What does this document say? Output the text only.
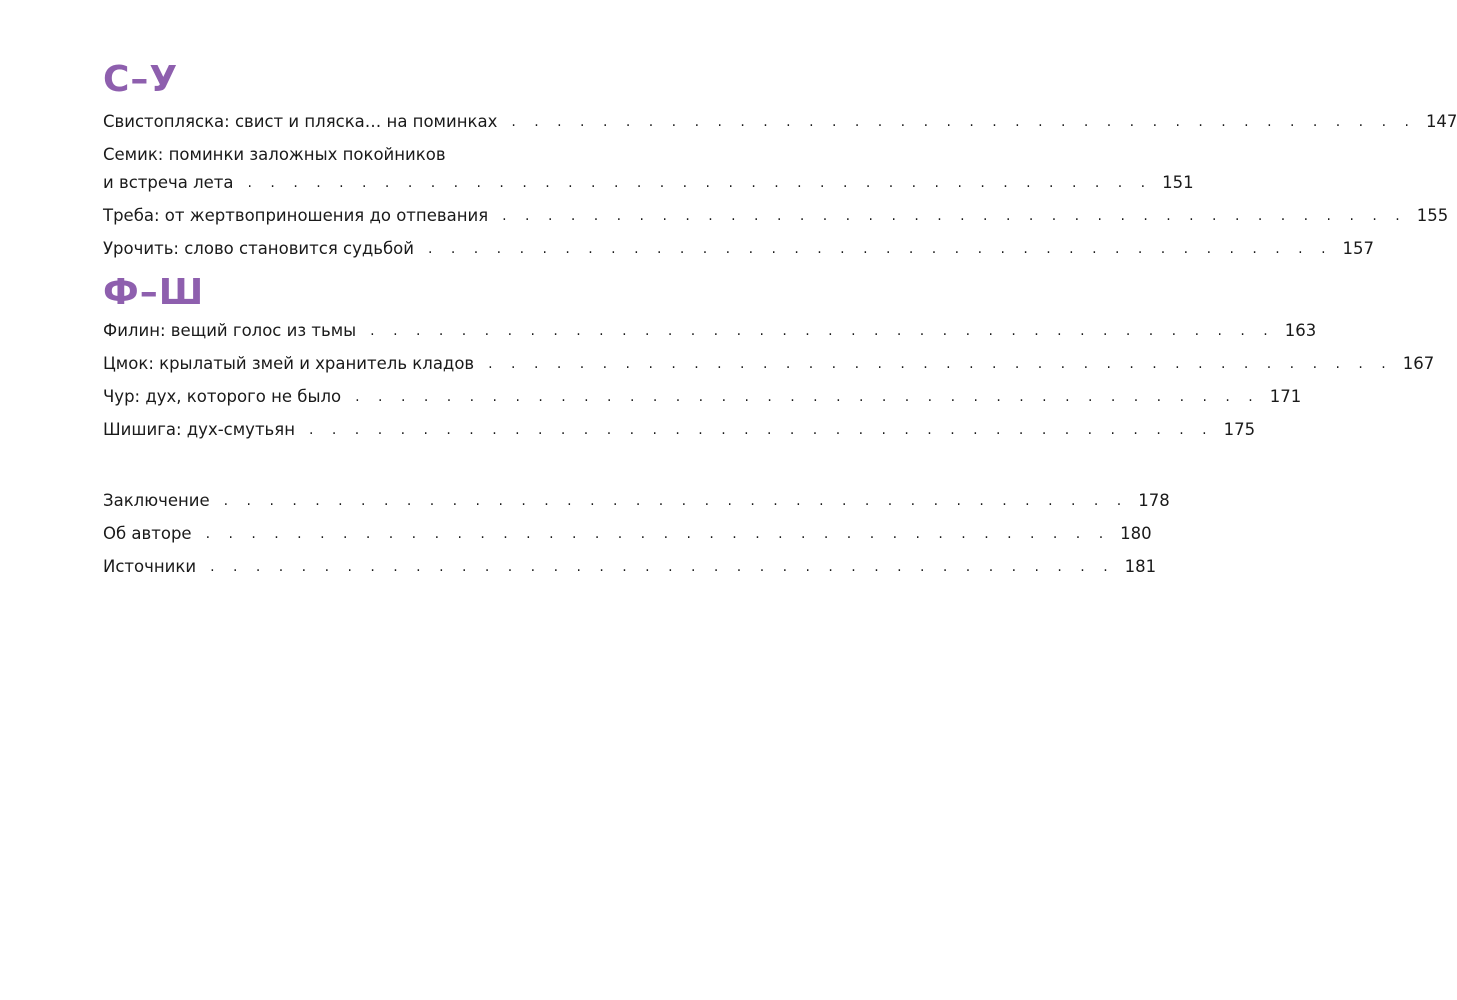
С–У
Свистопляска: свист и пляска… на поминках . . . . . . . . . . . . . . . . . . . . . . . . . . . . . . . . . . . . . . . . 147
Семик: поминки заложных покойников
и встреча лета . . . . . . . . . . . . . . . . . . . . . . . . . . . . . . . . . . . . . . . . 151
Треба: от жертвоприношения до отпевания . . . . . . . . . . . . . . . . . . . . . . . . . . . . . . . . . . . . . . . . 155
Урочить: слово становится судьбой . . . . . . . . . . . . . . . . . . . . . . . . . . . . . . . . . . . . . . . . 157
Ф–Ш
Филин: вещий голос из тьмы . . . . . . . . . . . . . . . . . . . . . . . . . . . . . . . . . . . . . . . . 163
Цмок: крылатый змей и хранитель кладов . . . . . . . . . . . . . . . . . . . . . . . . . . . . . . . . . . . . . . . . 167
Чур: дух, которого не было . . . . . . . . . . . . . . . . . . . . . . . . . . . . . . . . . . . . . . . . 171
Шишига: дух-смутьян . . . . . . . . . . . . . . . . . . . . . . . . . . . . . . . . . . . . . . . . 175
Заключение . . . . . . . . . . . . . . . . . . . . . . . . . . . . . . . . . . . . . . . . 178
Об авторе . . . . . . . . . . . . . . . . . . . . . . . . . . . . . . . . . . . . . . . . 180
Источники . . . . . . . . . . . . . . . . . . . . . . . . . . . . . . . . . . . . . . . . 181
